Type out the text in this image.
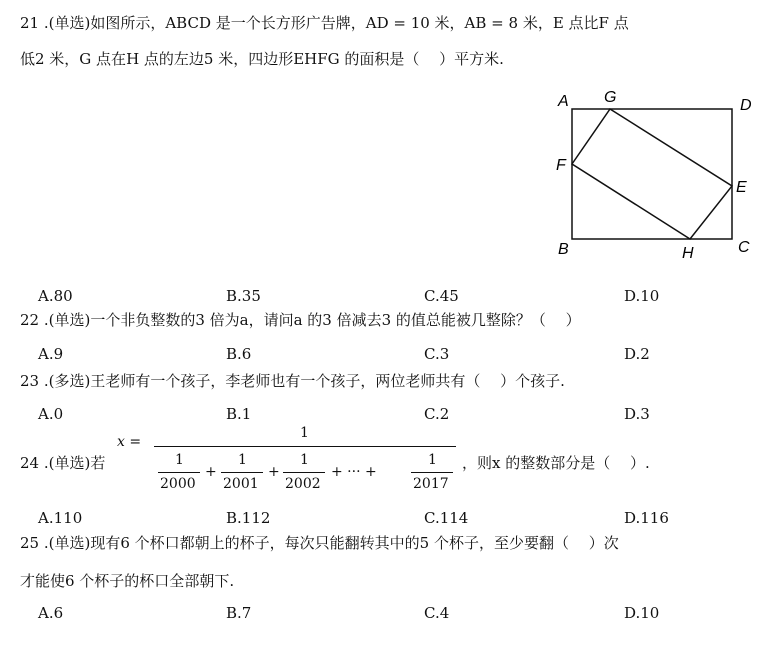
21 .(单选)如图所示，ABCD 是一个长方形广告牌，AD = 10 米，AB = 8 米，E 点比F 点
低2 米，G 点在H 点的左边5 米，四边形EHFG 的面积是（　 ）平方米.
A G	D
F
E
B	H	C
A.80	B.35	C.45	D.10
22 .(单选)一个非负整数的3 倍为a，请问a 的3 倍减去3 的值总能被几整除？（　 ）
A.9	B.6	C.3	D.2
23 .(多选)王老师有一个孩子，李老师也有一个孩子，两位老师共有（　 ）个孩子.
A.0	B.1	C.2	D.3
24 .(单选)若
x =
1
1
2000
+
1
2001
+
1
2002
+ ··· +
1
2017
，则x 的整数部分是（　 ）.
A.110	B.112	C.114	D.116
25 .(单选)现有6 个杯口都朝上的杯子，每次只能翻转其中的5 个杯子，至少要翻（　 ）次
才能使6 个杯子的杯口全部朝下.
A.6	B.7	C.4	D.10
